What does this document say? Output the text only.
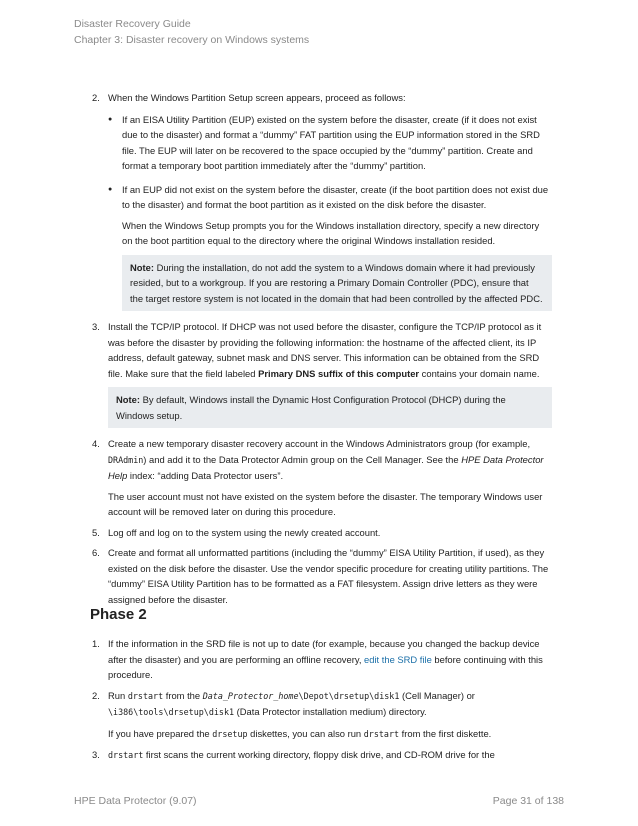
Disaster Recovery Guide
Chapter 3: Disaster recovery on Windows systems
2. When the Windows Partition Setup screen appears, proceed as follows:

● If an EISA Utility Partition (EUP) existed on the system before the disaster, create (if it does not exist due to the disaster) and format a “dummy” FAT partition using the EUP information stored in the SRD file. The EUP will later on be recovered to the space occupied by the “dummy” partition. Create and format a temporary boot partition immediately after the “dummy” partition.

● If an EUP did not exist on the system before the disaster, create (if the boot partition does not exist due to the disaster) and format the boot partition as it existed on the disk before the disaster.

When the Windows Setup prompts you for the Windows installation directory, specify a new directory on the boot partition equal to the directory where the original Windows installation resided.
Note: During the installation, do not add the system to a Windows domain where it had previously resided, but to a workgroup. If you are restoring a Primary Domain Controller (PDC), ensure that the target restore system is not located in the domain that had been controlled by the affected PDC.
3. Install the TCP/IP protocol. If DHCP was not used before the disaster, configure the TCP/IP protocol as it was before the disaster by providing the following information: the hostname of the affected client, its IP address, default gateway, subnet mask and DNS server. This information can be obtained from the SRD file. Make sure that the field labeled Primary DNS suffix of this computer contains your domain name.
Note: By default, Windows install the Dynamic Host Configuration Protocol (DHCP) during the Windows setup.
4. Create a new temporary disaster recovery account in the Windows Administrators group (for example, DRAdmin) and add it to the Data Protector Admin group on the Cell Manager. See the HPE Data Protector Help index: “adding Data Protector users”.
The user account must not have existed on the system before the disaster. The temporary Windows user account will be removed later on during this procedure.
5. Log off and log on to the system using the newly created account.
6. Create and format all unformatted partitions (including the “dummy” EISA Utility Partition, if used), as they existed on the disk before the disaster. Use the vendor specific procedure for creating utility partitions. The “dummy” EISA Utility Partition has to be formatted as a FAT filesystem. Assign drive letters as they were assigned before the disaster.
Phase 2
1. If the information in the SRD file is not up to date (for example, because you changed the backup device after the disaster) and you are performing an offline recovery, edit the SRD file before continuing with this procedure.
2. Run drstart from the Data_Protector_home\Depot\drsetup\disk1 (Cell Manager) or \i386\tools\drsetup\disk1 (Data Protector installation medium) directory.
If you have prepared the drsetup diskettes, you can also run drstart from the first diskette.
3. drstart first scans the current working directory, floppy disk drive, and CD-ROM drive for the
HPE Data Protector (9.07)	Page 31 of 138
